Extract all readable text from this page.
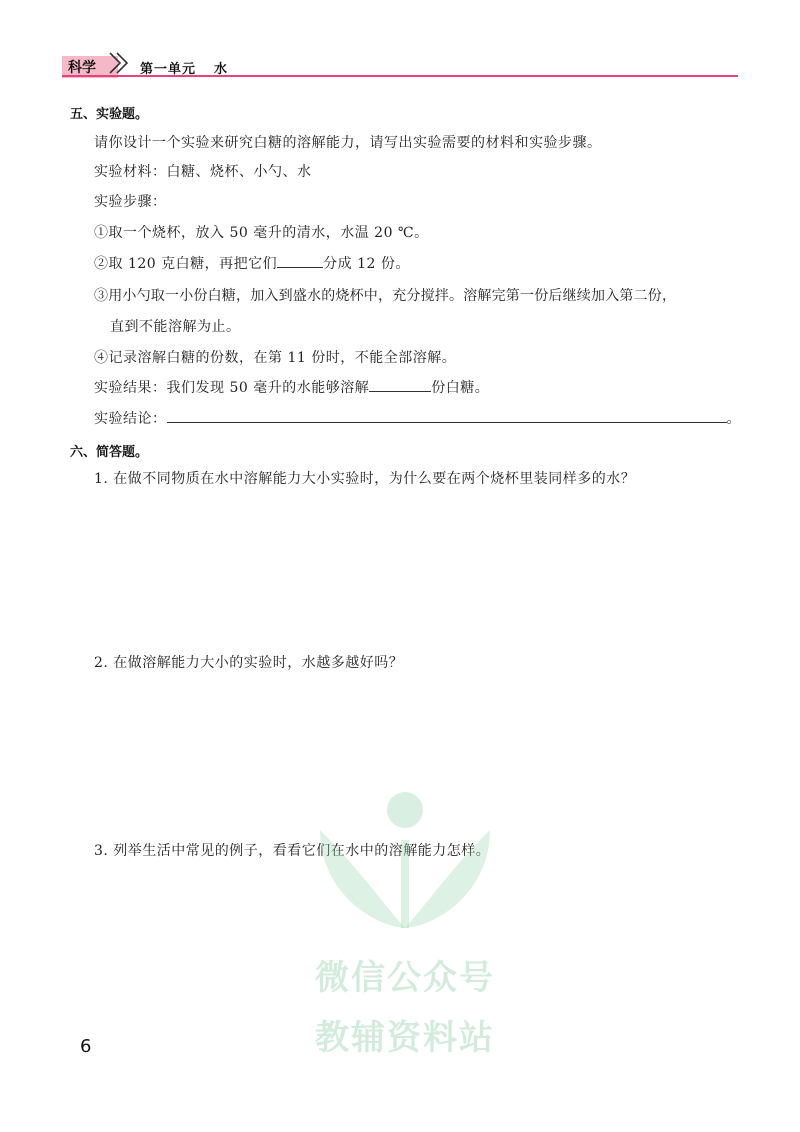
科学	第一单元 水
五、实验题。
请你设计一个实验来研究白糖的溶解能力，请写出实验需要的材料和实验步骤。
实验材料：白糖、烧杯、小勺、水
实验步骤：
①取一个烧杯，放入 50 毫升的清水，水温 20 ℃。
②取 120 克白糖，再把它们	分成 12 份。
③用小勺取一小份白糖，加入到盛水的烧杯中，充分搅拌。溶解完第一份后继续加入第二份，
直到不能溶解为止。
④记录溶解白糖的份数，在第 11 份时，不能全部溶解。
实验结果：我们发现 50 毫升的水能够溶解	份白糖。
实验结论：	。
六、简答题。
1. 在做不同物质在水中溶解能力大小实验时，为什么要在两个烧杯里装同样多的水？
2. 在做溶解能力大小的实验时，水越多越好吗？
3. 列举生活中常见的例子，看看它们在水中的溶解能力怎样。
微信公众号
教辅资料站
6
